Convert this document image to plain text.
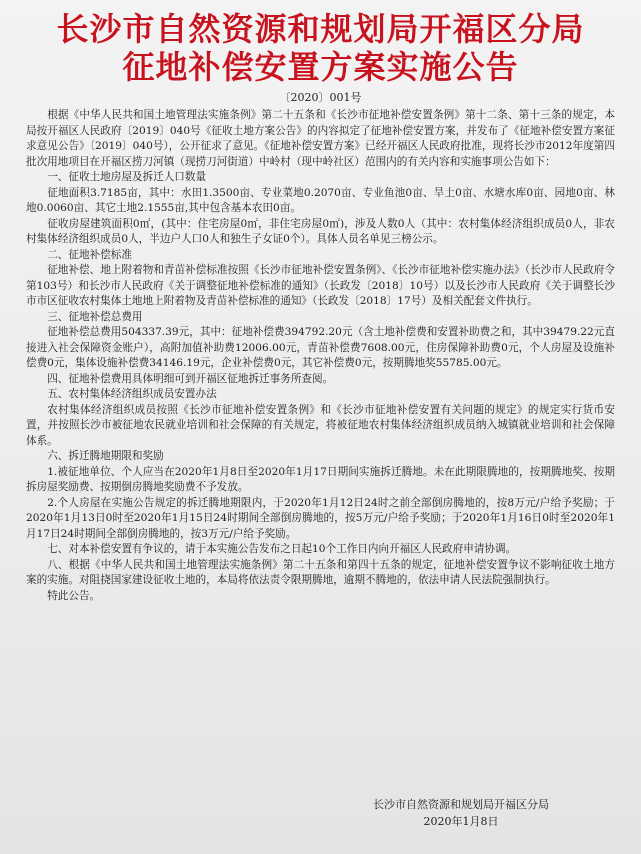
长沙市自然资源和规划局开福区分局
征地补偿安置方案实施公告
〔2020〕001号

根据《中华人民共和国土地管理法实施条例》第二十五条和《长沙市征地补偿安置条例》第十二条、第十三条的规定，本局按开福区人民政府〔2019〕040号《征收土地方案公告》的内容拟定了征地补偿安置方案，并发布了《征地补偿安置方案征求意见公告》〔2019〕040号），公开征求了意见。《征地补偿安置方案》已经开福区人民政府批准，现将长沙市2012年度第四批次用地项目在开福区捞刀河镇（现捞刀河街道）中岭村（现中岭社区）范围内的有关内容和实施事项公告如下：

一、征收土地房屋及拆迁人口数量

征地面积3.7185亩，其中：水田1.3500亩、专业菜地0.2070亩、专业鱼池0亩、旱土0亩、水塘水库0亩、园地0亩、林地0.0060亩、其它土地2.1555亩,其中包含基本农田0亩。

征收房屋建筑面积0㎡，(其中：住宅房屋0㎡，非住宅房屋0㎡)，涉及人数0人（其中：农村集体经济组织成员0人，非农村集体经济组织成员0人，半边户人口0人和独生子女证0个）。具体人员名单见三榜公示。

二、征地补偿标准

征地补偿、地上附着物和青苗补偿标准按照《长沙市征地补偿安置条例》、《长沙市征地补偿实施办法》（长沙市人民政府令第103号）和长沙市人民政府《关于调整征地补偿标准的通知》（长政发〔2018〕10号）以及长沙市人民政府《关于调整长沙市市区征收农村集体土地地上附着物及青苗补偿标准的通知》（长政发〔2018〕17号）及相关配套文件执行。

三、征地补偿总费用

征地补偿总费用504337.39元，其中：征地补偿费394792.20元（含土地补偿费和安置补助费之和，其中39479.22元直接进入社会保障资金账户），高附加值补助费12006.00元，青苗补偿费7608.00元，住房保障补助费0元，个人房屋及设施补偿费0元，集体设施补偿费34146.19元，企业补偿费0元，其它补偿费0元，按期腾地奖55785.00元。

四、征地补偿费用具体明细可到开福区征地拆迁事务所查阅。

五、农村集体经济组织成员安置办法

农村集体经济组织成员按照《长沙市征地补偿安置条例》和《长沙市征地补偿安置有关问题的规定》的规定实行货币安置，并按照长沙市被征地农民就业培训和社会保障的有关规定，将被征地农村集体经济组织成员纳入城镇就业培训和社会保障体系。

六、拆迁腾地期限和奖励

1.被征地单位、个人应当在2020年1月8日至2020年1月17日期间实施拆迁腾地。未在此期限腾地的，按期腾地奖、按期拆房屋奖励费、按期倒房腾地奖励费不予发放。

2.个人房屋在实施公告规定的拆迁腾地期限内，于2020年1月12日24时之前全部倒房腾地的，按8万元/户给予奖励；于2020年1月13日0时至2020年1月15日24时期间全部倒房腾地的，按5万元/户给予奖励；于2020年1月16日0时至2020年1月17日24时期间全部倒房腾地的，按3万元/户给予奖励。

七、对本补偿安置有争议的，请于本实施公告发布之日起10个工作日内向开福区人民政府申请协调。

八、根据《中华人民共和国土地管理法实施条例》第二十五条和第四十五条的规定，征地补偿安置争议不影响征收土地方案的实施。对阻挠国家建设征收土地的，本局将依法责令限期腾地，逾期不腾地的，依法申请人民法院强制执行。

特此公告。

长沙市自然资源和规划局开福区分局
2020年1月8日
